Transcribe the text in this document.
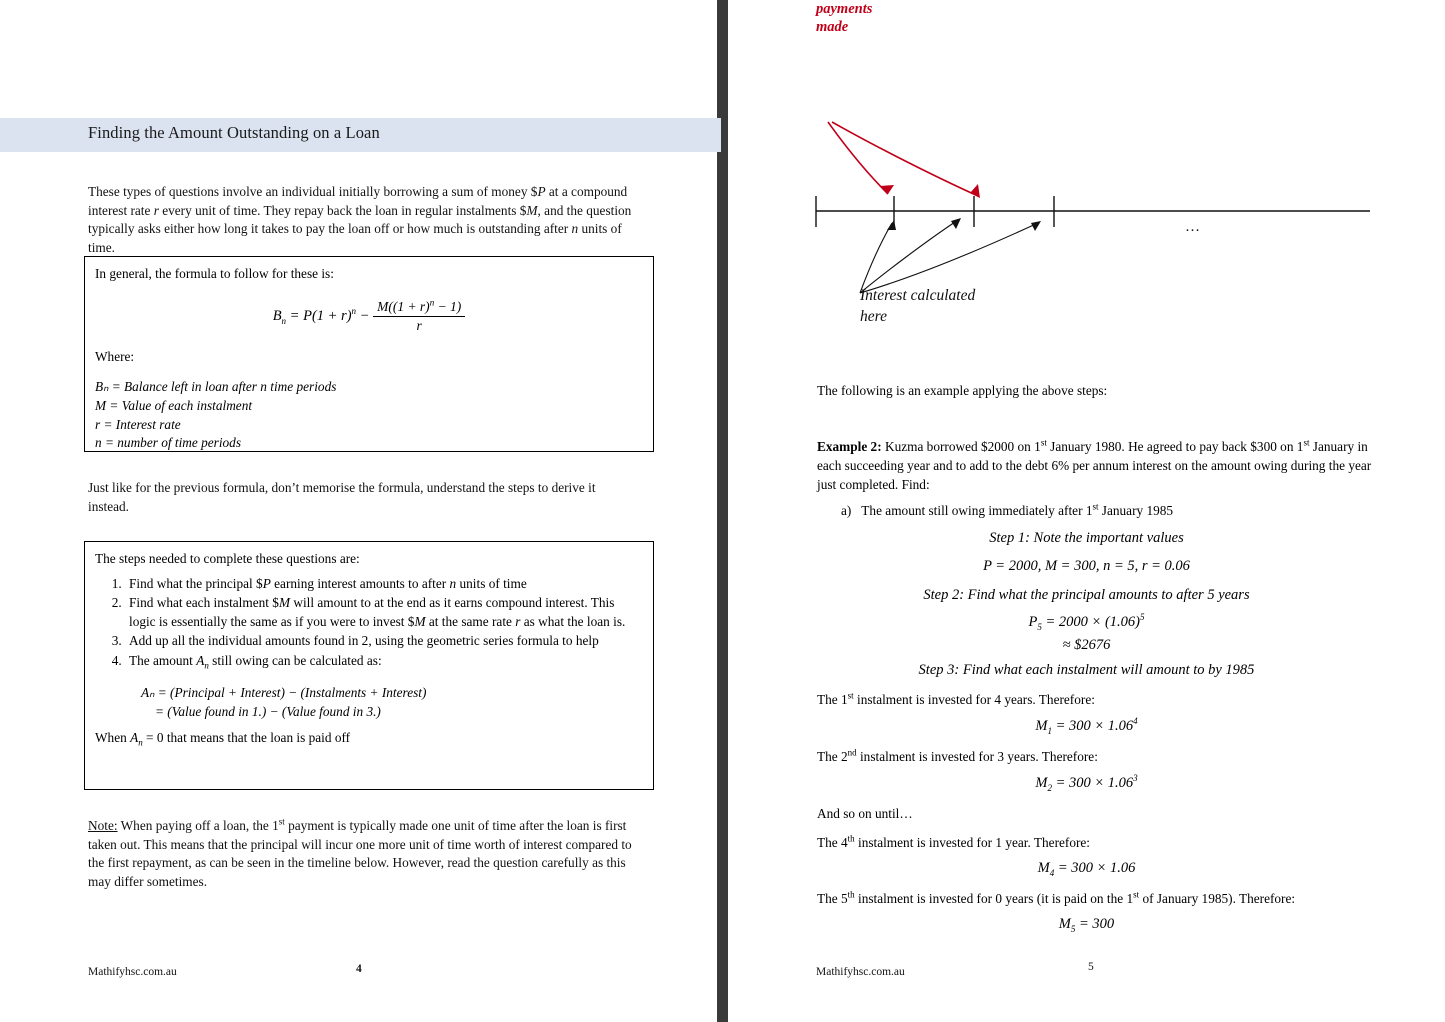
Finding the Amount Outstanding on a Loan
These types of questions involve an individual initially borrowing a sum of money $P at a compound interest rate r every unit of time. They repay back the loan in regular instalments $M, and the question typically asks either how long it takes to pay the loan off or how much is outstanding after n units of time.
In general, the formula to follow for these is:
$B_n = P(1 + r)^n - \frac{M((1 + r)^n - 1)}{r}$
Where:
Bₙ = Balance left in loan after n time periods
M = Value of each instalment
r = Interest rate
n = number of time periods
Just like for the previous formula, don’t memorise the formula, understand the steps to derive it instead.
The steps needed to complete these questions are:
1. Find what the principal $P earning interest amounts to after n units of time
2. Find what each instalment $M will amount to at the end as it earns compound interest. This logic is essentially the same as if you were to invest $M at the same rate r as what the loan is.
3. Add up all the individual amounts found in 2, using the geometric series formula to help
4. The amount $A_n$ still owing can be calculated as:
Aₙ = (Principal + Interest) − (Instalments + Interest)
= (Value found in 1.) − (Value found in 3.)
When $A_n = 0$ that means that the loan is paid off
Note: When paying off a loan, the 1st payment is typically made one unit of time after the loan is first taken out. This means that the principal will incur one more unit of time worth of interest compared to the first repayment, as can be seen in the timeline below. However, read the question carefully as this may differ sometimes.
Mathifyhsc.com.au	4
payments
made
Interest calculated
here
…
The following is an example applying the above steps:
Example 2: Kuzma borrowed $2000 on 1st January 1980. He agreed to pay back $300 on 1st January in each succeeding year and to add to the debt 6% per annum interest on the amount owing during the year just completed. Find:
a)   The amount still owing immediately after 1st January 1985
Step 1: Note the important values
P = 2000, M = 300, n = 5, r = 0.06
Step 2: Find what the principal amounts to after 5 years
$P_5 = 2000 \times (1.06)^5$
≈ $2676
Step 3: Find what each instalment will amount to by 1985
The 1st instalment is invested for 4 years. Therefore:
$M_1 = 300 \times 1.06^4$
The 2nd instalment is invested for 3 years. Therefore:
$M_2 = 300 \times 1.06^3$
And so on until…
The 4th instalment is invested for 1 year. Therefore:
$M_4 = 300 \times 1.06$
The 5th instalment is invested for 0 years (it is paid on the 1st of January 1985). Therefore:
$M_5 = 300$
Mathifyhsc.com.au	5
